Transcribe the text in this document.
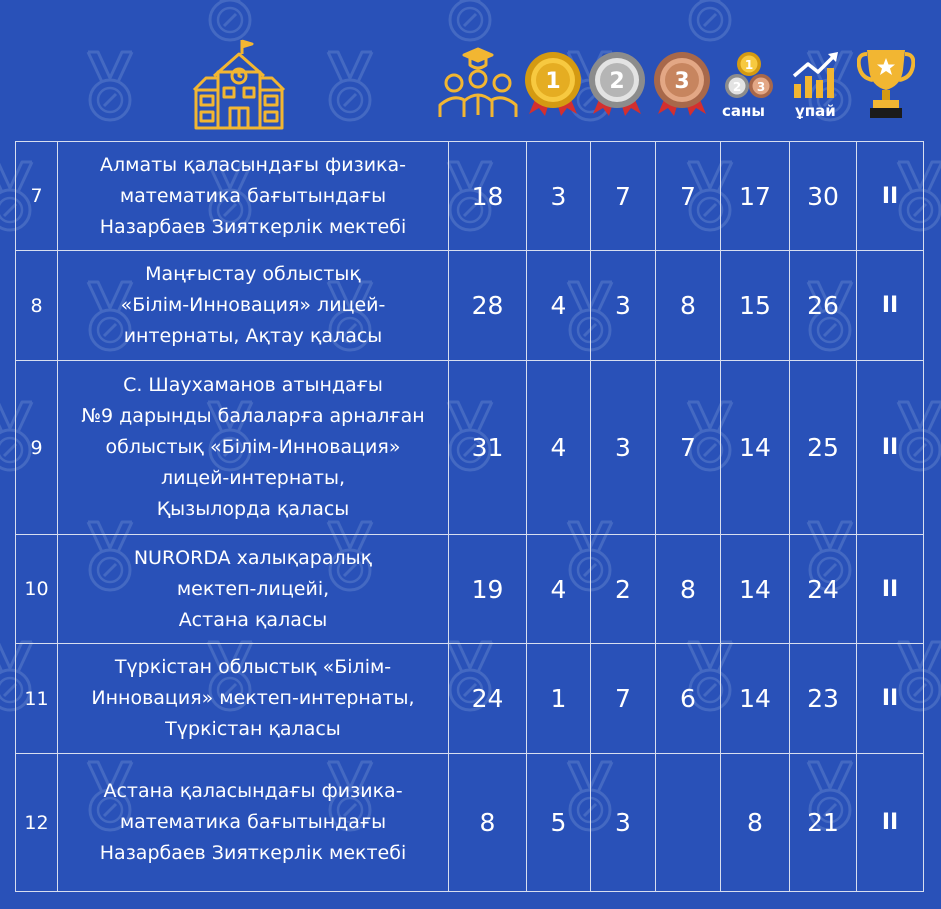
1 2 3
1
2 3
саны ұпай
7	Алматы қаласындағы физика-
математика бағытындағы
Назарбаев Зияткерлік мектебі	18	3	7	7	17	30	II
8	Маңғыстау облыстық
«Білім-Инновация» лицей-
интернаты, Ақтау қаласы	28	4	3	8	15	26	II
9	С. Шаухаманов атындағы
№9 дарынды балаларға арналған
облыстық «Білім-Инновация»
лицей-интернаты,
Қызылорда қаласы	31	4	3	7	14	25	II
10	NURORDA халықаралық
мектеп-лицейі,
Астана қаласы	19	4	2	8	14	24	II
11	Түркістан облыстық «Білім-
Инновация» мектеп-интернаты,
Түркістан қаласы	24	1	7	6	14	23	II
12	Астана қаласындағы физика-
математика бағытындағы
Назарбаев Зияткерлік мектебі	8	5	3		8	21	II
